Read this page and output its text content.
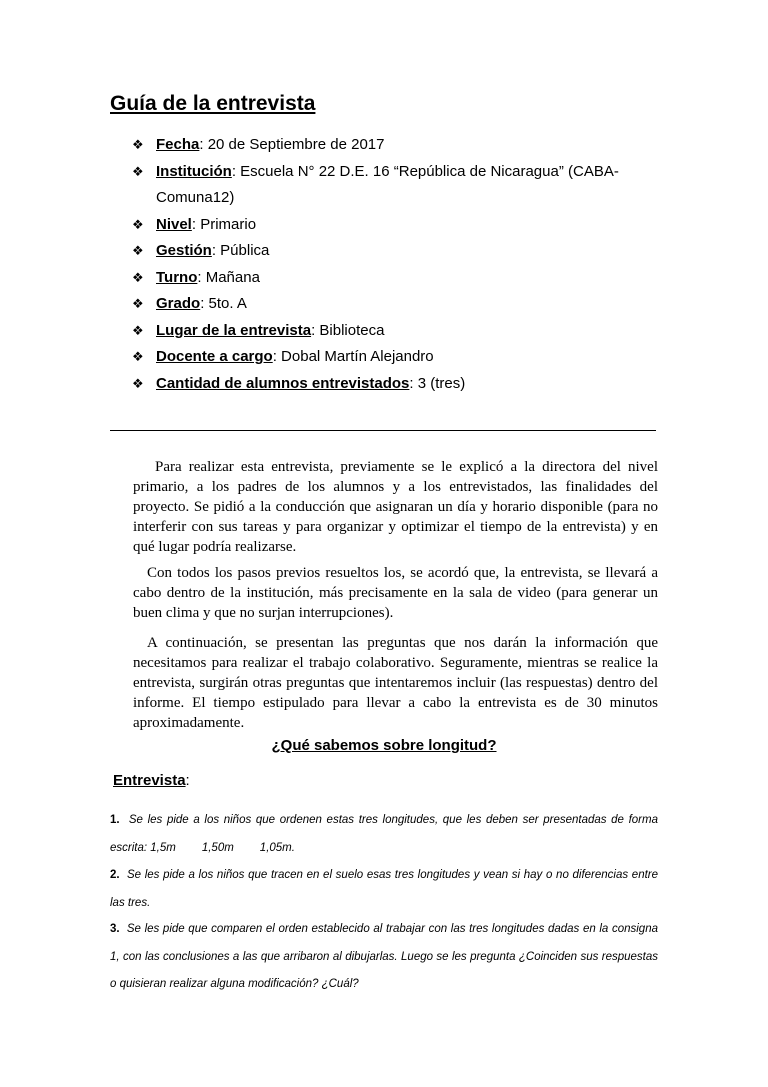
Guía de la entrevista
❖ Fecha: 20 de Septiembre de 2017
❖ Institución: Escuela N° 22 D.E. 16 “República de Nicaragua” (CABA-Comuna12)
❖ Nivel: Primario
❖ Gestión: Pública
❖ Turno: Mañana
❖ Grado: 5to. A
❖ Lugar de la entrevista: Biblioteca
❖ Docente a cargo: Dobal Martín Alejandro
❖ Cantidad de alumnos entrevistados: 3 (tres)

Para realizar esta entrevista, previamente se le explicó a la directora del nivel primario, a los padres de los alumnos y a los entrevistados, las finalidades del proyecto. Se pidió a la conducción que asignaran un día y horario disponible (para no interferir con sus tareas y para organizar y optimizar el tiempo de la entrevista) y en qué lugar podría realizarse.

Con todos los pasos previos resueltos los, se acordó que, la entrevista, se llevará a cabo dentro de la institución, más precisamente en la sala de video (para generar un buen clima y que no surjan interrupciones).

A continuación, se presentan las preguntas que nos darán la información que necesitamos para realizar el trabajo colaborativo. Seguramente, mientras se realice la entrevista, surgirán otras preguntas que intentaremos incluir (las respuestas) dentro del informe. El tiempo estipulado para llevar a cabo la entrevista es de 30 minutos aproximadamente.

¿Qué sabemos sobre longitud?

Entrevista:

1. Se les pide a los niños que ordenen estas tres longitudes, que les deben ser presentadas de forma escrita: 1,5m 1,50m 1,05m.

2. Se les pide a los niños que tracen en el suelo esas tres longitudes y vean si hay o no diferencias entre las tres.

3. Se les pide que comparen el orden establecido al trabajar con las tres longitudes dadas en la consigna 1, con las conclusiones a las que arribaron al dibujarlas. Luego se les pregunta ¿Coinciden sus respuestas o quisieran realizar alguna modificación? ¿Cuál?
